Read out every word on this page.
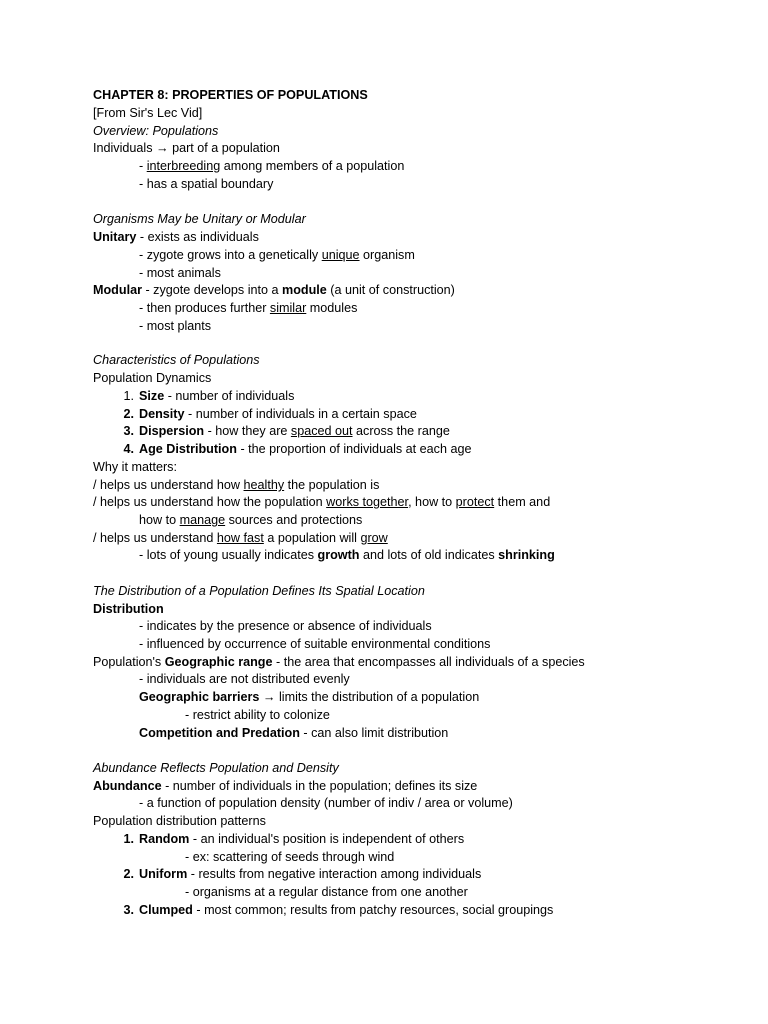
CHAPTER 8: PROPERTIES OF POPULATIONS
[From Sir's Lec Vid]
Overview: Populations
Individuals → part of a population
- interbreeding among members of a population
- has a spatial boundary
Organisms May be Unitary or Modular
Unitary - exists as individuals
- zygote grows into a genetically unique organism
- most animals
Modular - zygote develops into a module (a unit of construction)
- then produces further similar modules
- most plants
Characteristics of Populations
Population Dynamics
1. Size - number of individuals
2. Density - number of individuals in a certain space
3. Dispersion - how they are spaced out across the range
4. Age Distribution - the proportion of individuals at each age
Why it matters:
/ helps us understand how healthy the population is
/ helps us understand how the population works together, how to protect them and
how to manage sources and protections
/ helps us understand how fast a population will grow
- lots of young usually indicates growth and lots of old indicates shrinking
The Distribution of a Population Defines Its Spatial Location
Distribution
- indicates by the presence or absence of individuals
- influenced by occurrence of suitable environmental conditions
Population's Geographic range - the area that encompasses all individuals of a species
- individuals are not distributed evenly
Geographic barriers → limits the distribution of a population
- restrict ability to colonize
Competition and Predation - can also limit distribution
Abundance Reflects Population and Density
Abundance - number of individuals in the population; defines its size
- a function of population density (number of indiv / area or volume)
Population distribution patterns
1. Random - an individual's position is independent of others
- ex: scattering of seeds through wind
2. Uniform - results from negative interaction among individuals
- organisms at a regular distance from one another
3. Clumped - most common; results from patchy resources, social groupings
